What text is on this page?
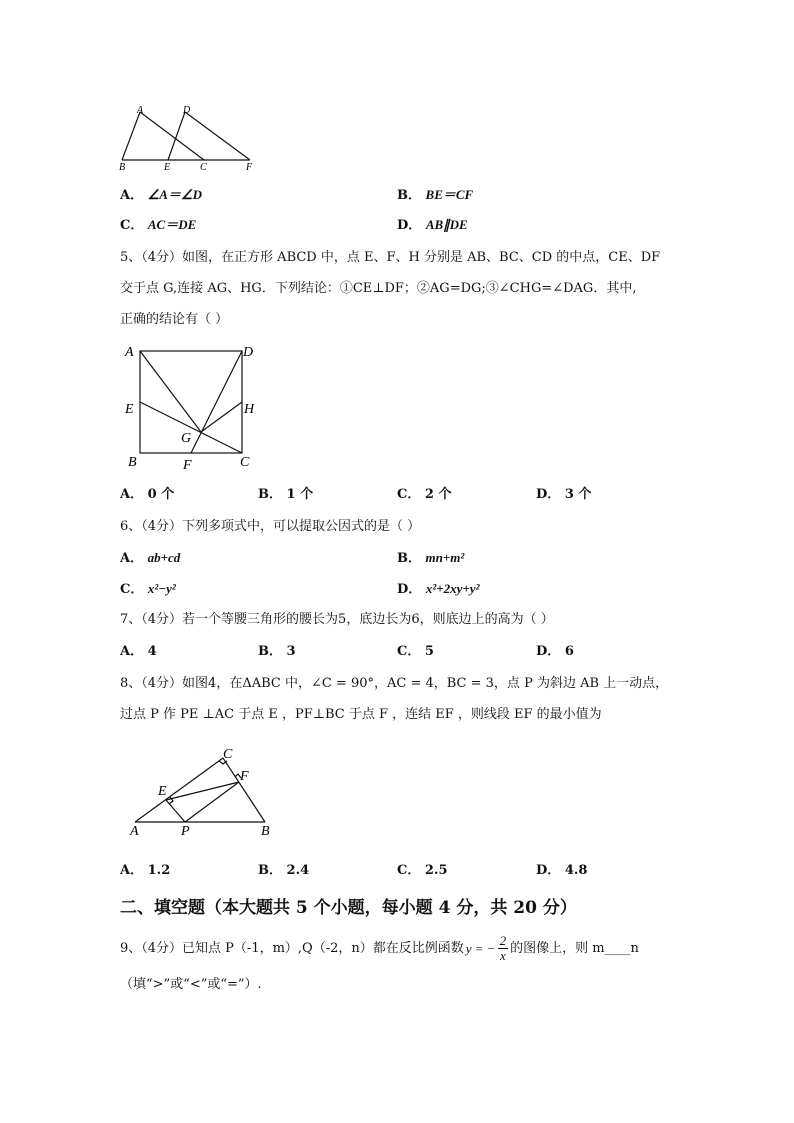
A	D
B	E	C	F
A． ∠A＝∠D	B． BE＝CF
C． AC＝DE	D． AB∥DE
5、（4分）如图，在正方形 ABCD 中，点 E、F、H 分别是 AB、BC、CD 的中点，CE、DF
交于点 G,连接 AG、HG．下列结论：①CE⊥DF；②AG=DG;③∠CHG=∠DAG．其中,
正确的结论有（ ）
A	D
E	H
G
B	F	C
A． 0 个	B． 1 个	C． 2 个	D． 3 个
6、（4分）下列多项式中，可以提取公因式的是（ ）
A． ab+cd	B． mn+m²
C． x²−y²	D． x²+2xy+y²
7、（4分）若一个等腰三角形的腰长为5，底边长为6，则底边上的高为（ ）
A． 4	B． 3	C． 5	D． 6
8、（4分）如图4，在ΔABC 中，∠C = 90°，AC = 4，BC = 3，点 P 为斜边 AB 上一动点，
过点 P 作 PE ⊥AC 于点 E ，PF⊥BC 于点 F ，连结 EF ，则线段 EF 的最小值为
C
F
E
A	P	B
A． 1.2	B． 2.4	C． 2.5	D． 4.8
二、填空题（本大题共 5 个小题，每小题 4 分，共 20 分）
9、（4分）已知点 P（-1，m）,Q（-2，n）都在反比例函数 y = − $\frac{2}{x}$ 的图像上，则 m____n
（填“>”或“<”或“=”）.
